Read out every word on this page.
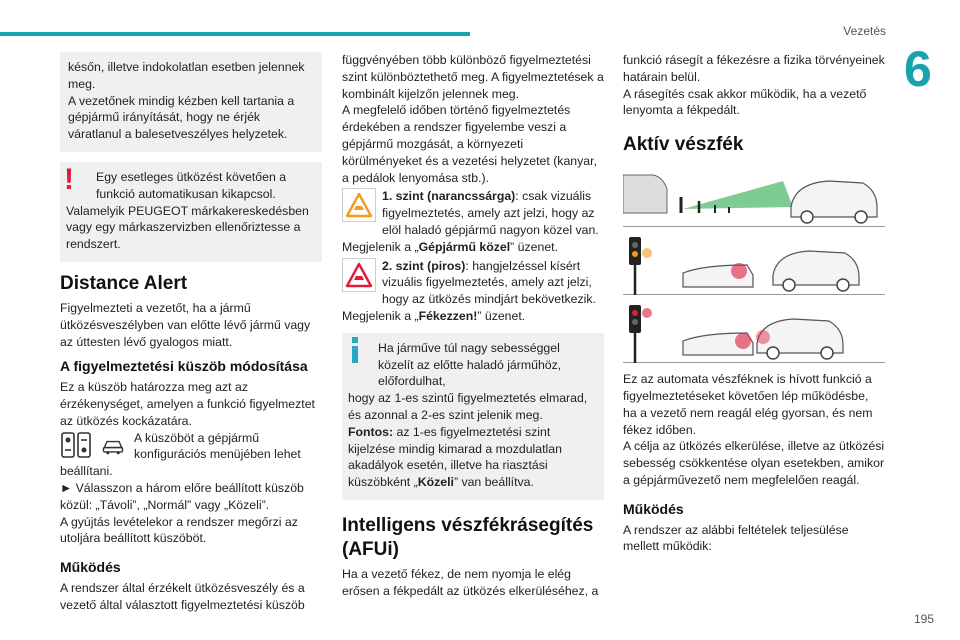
Vezetés
6
195

későn, illetve indokolatlan esetben jelennek meg.
A vezetőnek mindig kézben kell tartania a gépjármű irányítását, hogy ne érjék váratlanul a balesetveszélyes helyzetek.

!	Egy esetleges ütközést követően a funkció automatikusan kikapcsol.

Valamelyik PEUGEOT márkakereskedésben vagy egy márkaszervizben ellenőriztesse a rendszert.

Distance Alert

Figyelmezteti a vezetőt, ha a jármű ütközésveszélyben van előtte lévő jármű vagy az úttesten lévő gyalogos miatt.

A figyelmeztetési küszöb módosítása

Ez a küszöb határozza meg azt az érzékenységet, amelyen a funkció figyelmeztet az ütközés kockázatára.

A küszöböt a gépjármű konfigurációs menüjében lehet

beállítani.

► Válasszon a három előre beállított küszöb közül: „Távoli”, „Normál” vagy „Közeli”.

A gyújtás levételekor a rendszer megőrzi az utoljára beállított küszöböt.

Működés

A rendszer által érzékelt ütközésveszély és a vezető által választott figyelmeztetési küszöb

függvényében több különböző figyelmeztetési szint különböztethető meg. A figyelmeztetések a kombinált kijelzőn jelennek meg.
A megfelelő időben történő figyelmeztetés érdekében a rendszer figyelembe veszi a gépjármű mozgását, a környezeti körülményeket és a vezetési helyzetet (kanyar, a pedálok lenyomása stb.).

1. szint (narancssárga): csak vizuális figyelmeztetés, amely azt jelzi, hogy az elöl haladó gépjármű nagyon közel van.

Megjelenik a „Gépjármű közel” üzenet.

2. szint (piros): hangjelzéssel kísért vizuális figyelmeztetés, amely azt jelzi, hogy az ütközés mindjárt bekövetkezik.

Megjelenik a „Fékezzen!” üzenet.

Ha járműve túl nagy sebességgel közelít az előtte haladó járműhöz, előfordulhat,

hogy az 1-es szintű figyelmeztetés elmarad, és azonnal a 2-es szint jelenik meg.

Fontos: az 1-es figyelmeztetési szint kijelzése mindig kimarad a mozdulatlan akadályok esetén, illetve ha riasztási küszöbként „Közeli” van beállítva.

Intelligens vészfékrásegítés (AFUi)

Ha a vezető fékez, de nem nyomja le elég erősen a fékpedált az ütközés elkerüléséhez, a

funkció rásegít a fékezésre a fizika törvényeinek határain belül.
A rásegítés csak akkor működik, ha a vezető lenyomta a fékpedált.

Aktív vészfék

Ez az automata vészféknek is hívott funkció a figyelmeztetéseket követően lép működésbe, ha a vezető nem reagál elég gyorsan, és nem fékez időben.
A célja az ütközés elkerülése, illetve az ütközési sebesség csökkentése olyan esetekben, amikor a gépjárművezető nem megfelelően reagál.

Működés

A rendszer az alábbi feltételek teljesülése mellett működik:
